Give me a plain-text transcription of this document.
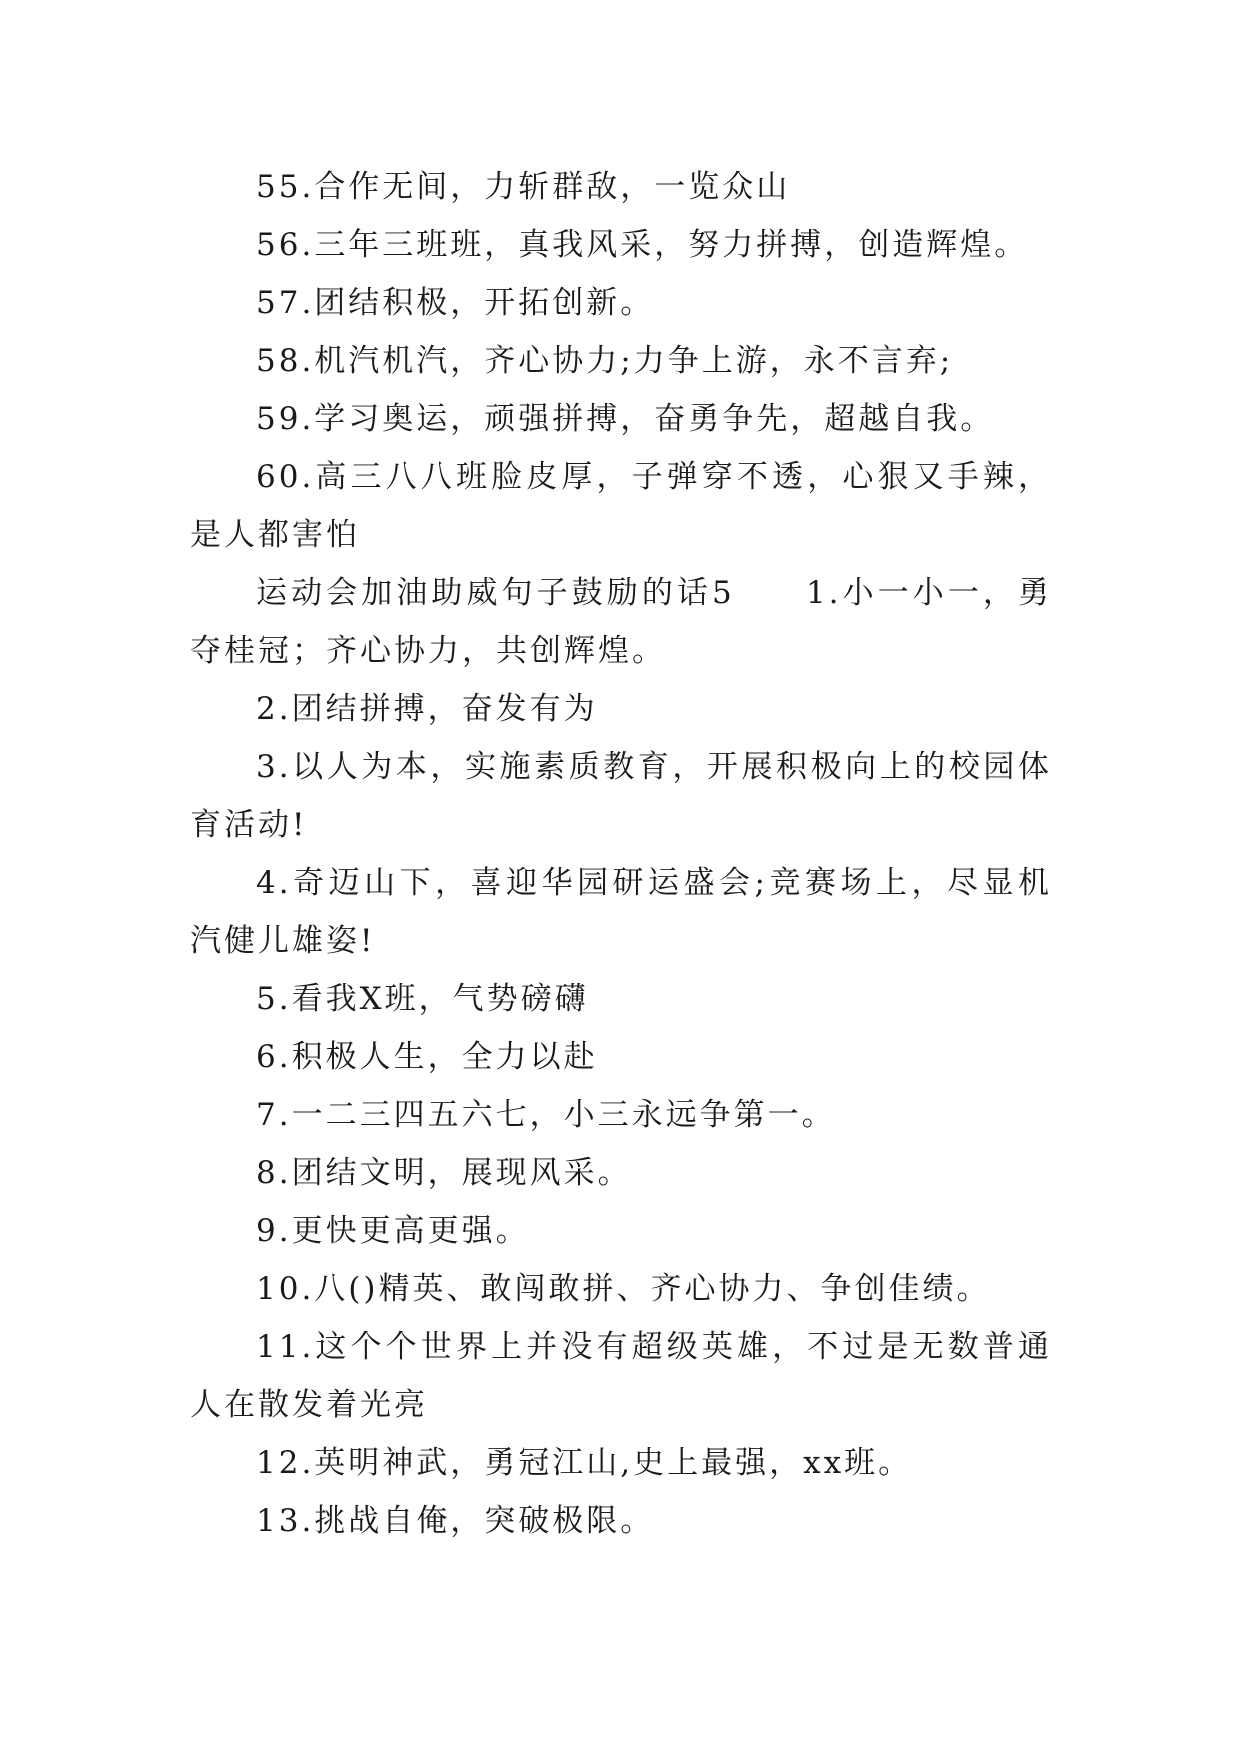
55.合作无间，力斩群敌，一览众山

56.三年三班班，真我风采，努力拼搏，创造辉煌。

57.团结积极，开拓创新。

58.机汽机汽，齐心协力;力争上游，永不言弃;

59.学习奥运，顽强拼搏，奋勇争先，超越自我。

60.高三八八班脸皮厚，子弹穿不透，心狠又手辣，是人都害怕

运动会加油助威句子鼓励的话5　　1.小一小一，勇夺桂冠；齐心协力，共创辉煌。

2.团结拼搏，奋发有为

3.以人为本，实施素质教育，开展积极向上的校园体育活动!

4.奇迈山下，喜迎华园研运盛会;竞赛场上，尽显机汽健儿雄姿!

5.看我X班，气势磅礴

6.积极人生，全力以赴

7.一二三四五六七，小三永远争第一。

8.团结文明，展现风采。

9.更快更高更强。

10.八()精英、敢闯敢拼、齐心协力、争创佳绩。

11.这个个世界上并没有超级英雄，不过是无数普通人在散发着光亮

12.英明神武，勇冠江山,史上最强，xx班。

13.挑战自俺，突破极限。
